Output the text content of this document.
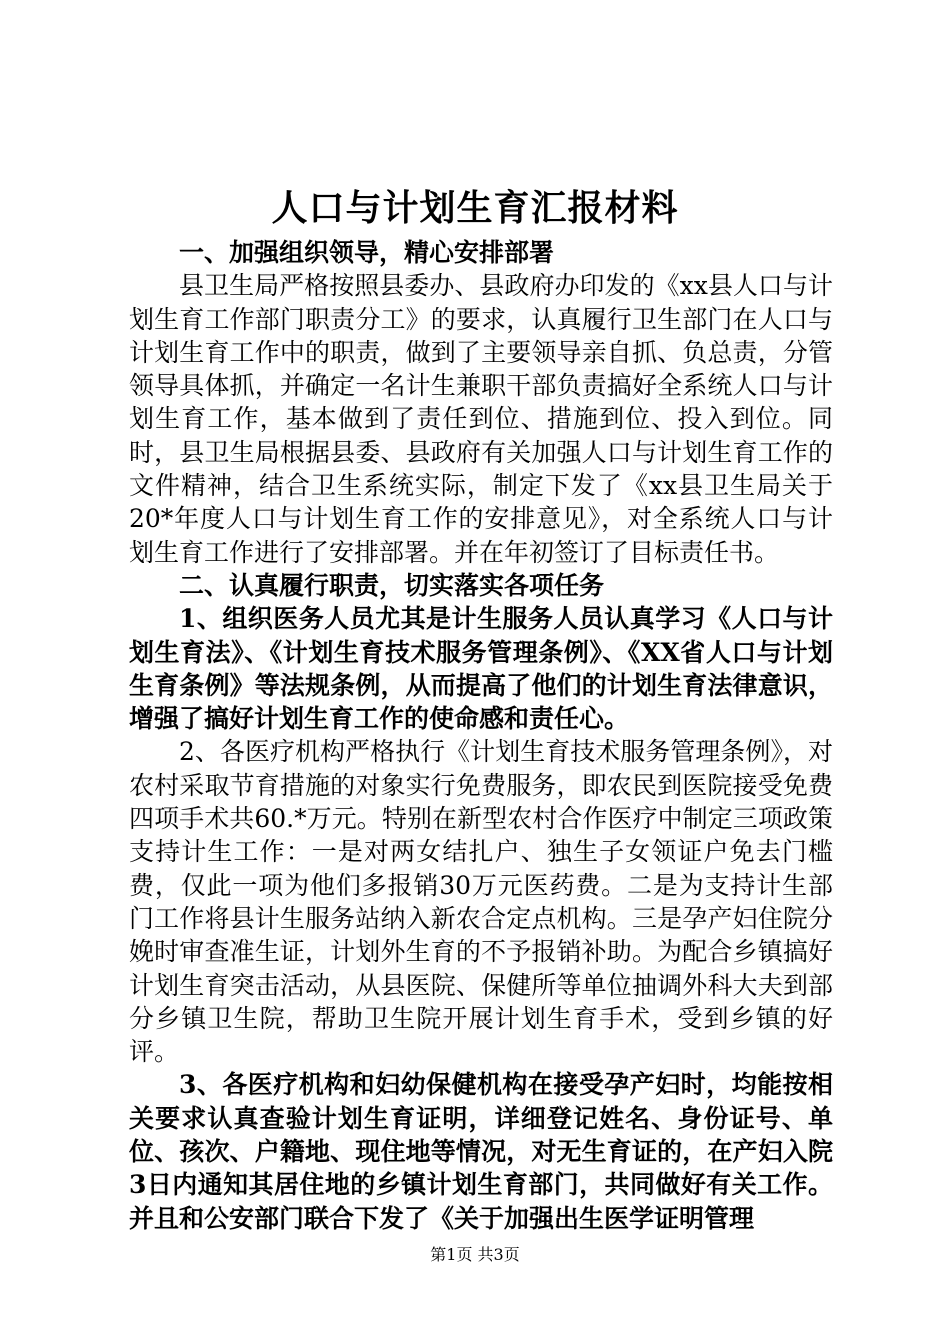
人口与计划生育汇报材料

一、加强组织领导，精心安排部署

县卫生局严格按照县委办、县政府办印发的《xx县人口与计划生育工作部门职责分工》的要求，认真履行卫生部门在人口与计划生育工作中的职责，做到了主要领导亲自抓、负总责，分管领导具体抓，并确定一名计生兼职干部负责搞好全系统人口与计划生育工作，基本做到了责任到位、措施到位、投入到位。同时，县卫生局根据县委、县政府有关加强人口与计划生育工作的文件精神，结合卫生系统实际，制定下发了《xx县卫生局关于20*年度人口与计划生育工作的安排意见》，对全系统人口与计划生育工作进行了安排部署。并在年初签订了目标责任书。

二、认真履行职责，切实落实各项任务

1、组织医务人员尤其是计生服务人员认真学习《人口与计划生育法》、《计划生育技术服务管理条例》、《XX省人口与计划生育条例》等法规条例，从而提高了他们的计划生育法律意识，增强了搞好计划生育工作的使命感和责任心。

2、各医疗机构严格执行《计划生育技术服务管理条例》，对农村采取节育措施的对象实行免费服务，即农民到医院接受免费四项手术共60.*万元。特别在新型农村合作医疗中制定三项政策支持计生工作：一是对两女结扎户、独生子女领证户免去门槛费，仅此一项为他们多报销30万元医药费。二是为支持计生部门工作将县计生服务站纳入新农合定点机构。三是孕产妇住院分娩时审查准生证，计划外生育的不予报销补助。为配合乡镇搞好计划生育突击活动，从县医院、保健所等单位抽调外科大夫到部分乡镇卫生院，帮助卫生院开展计划生育手术，受到乡镇的好评。

3、各医疗机构和妇幼保健机构在接受孕产妇时，均能按相关要求认真查验计划生育证明，详细登记姓名、身份证号、单位、孩次、户籍地、现住地等情况，对无生育证的，在产妇入院3日内通知其居住地的乡镇计划生育部门，共同做好有关工作。并且和公安部门联合下发了《关于加强出生医学证明管理

第1页 共3页
